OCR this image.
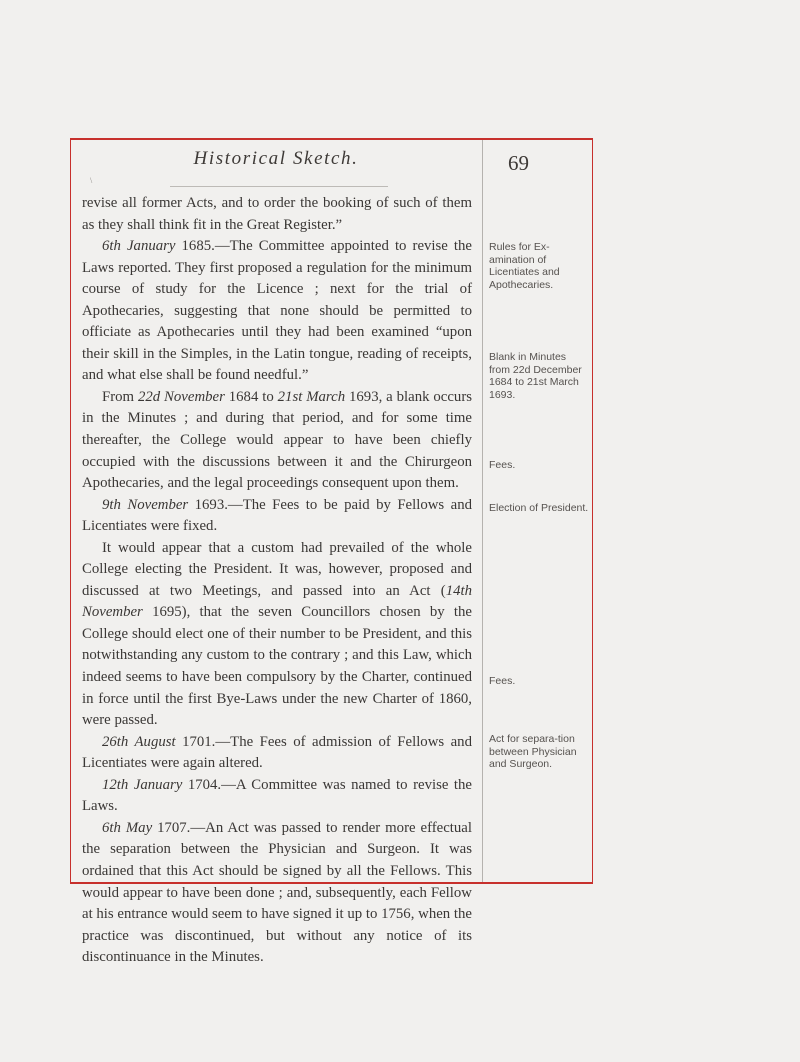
Historical Sketch.
\
69

revise all former Acts, and to order the booking of such of them as they shall think fit in the Great Register.”

6th January 1685.—The Committee appointed to revise the Laws reported. They first proposed a regulation for the minimum course of study for the Licence ; next for the trial of Apothecaries, suggesting that none should be permitted to officiate as Apothecaries until they had been examined “upon their skill in the Simples, in the Latin tongue, reading of receipts, and what else shall be found needful.”

From 22d November 1684 to 21st March 1693, a blank occurs in the Minutes ; and during that period, and for some time thereafter, the College would appear to have been chiefly occupied with the discussions between it and the Chirurgeon Apothecaries, and the legal proceedings consequent upon them.

9th November 1693.—The Fees to be paid by Fellows and Licentiates were fixed.

It would appear that a custom had prevailed of the whole College electing the President. It was, however, proposed and discussed at two Meetings, and passed into an Act (14th November 1695), that the seven Councillors chosen by the College should elect one of their number to be President, and this notwithstanding any custom to the contrary ; and this Law, which indeed seems to have been compulsory by the Charter, continued in force until the first Bye-Laws under the new Charter of 1860, were passed.

26th August 1701.—The Fees of admission of Fellows and Licentiates were again altered.

12th January 1704.—A Committee was named to revise the Laws.

6th May 1707.—An Act was passed to render more effectual the separation between the Physician and Surgeon. It was ordained that this Act should be signed by all the Fellows. This would appear to have been done ; and, subsequently, each Fellow at his entrance would seem to have signed it up to 1756, when the practice was discontinued, but without any notice of its discontinuance in the Minutes.

Rules for Ex-amination of Licentiates and Apothecaries.
Blank in Minutes from 22d December 1684 to 21st March 1693.
Fees.
Election of President.
Fees.
Act for separa-tion between Physician and Surgeon.
